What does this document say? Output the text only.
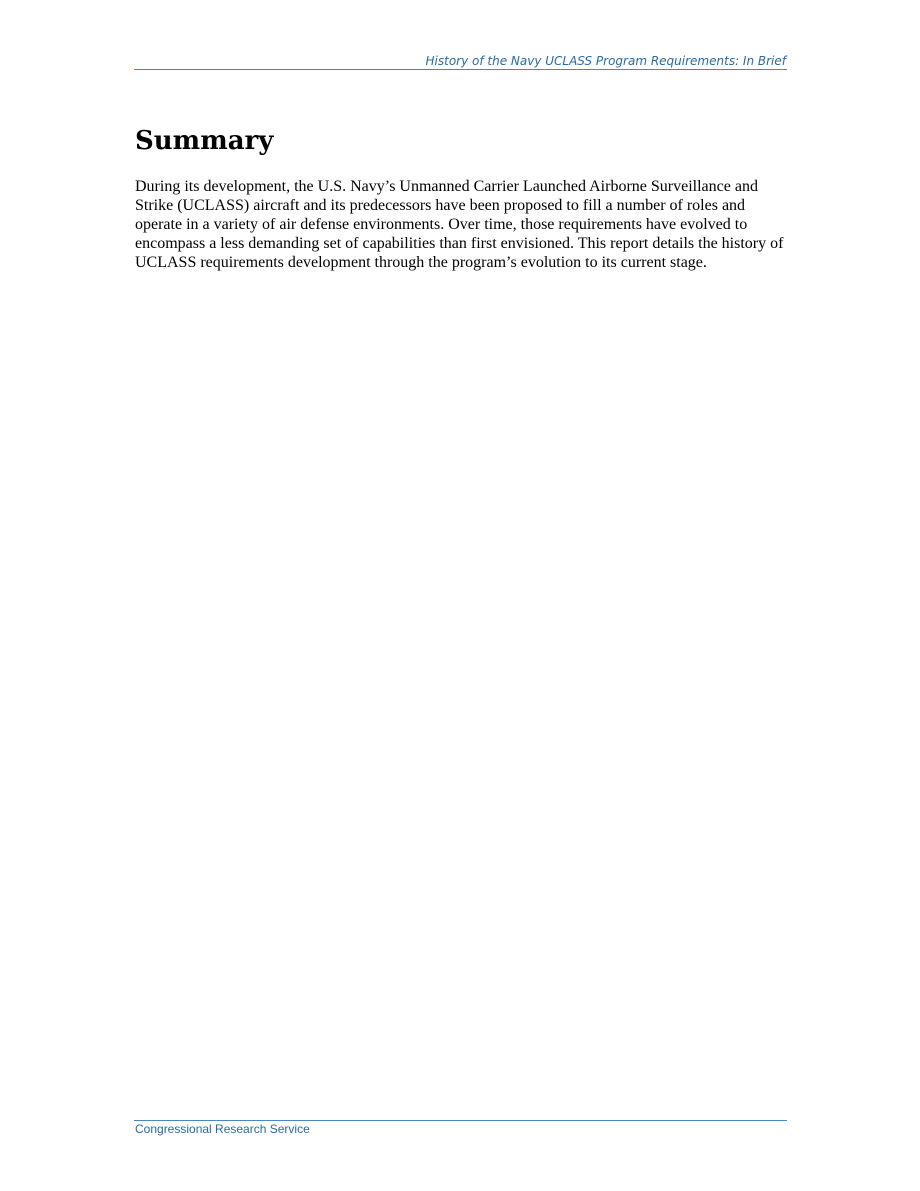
History of the Navy UCLASS Program Requirements: In Brief
Summary

During its development, the U.S. Navy’s Unmanned Carrier Launched Airborne Surveillance and Strike (UCLASS) aircraft and its predecessors have been proposed to fill a number of roles and operate in a variety of air defense environments. Over time, those requirements have evolved to encompass a less demanding set of capabilities than first envisioned. This report details the history of UCLASS requirements development through the program’s evolution to its current stage.

Congressional Research Service
